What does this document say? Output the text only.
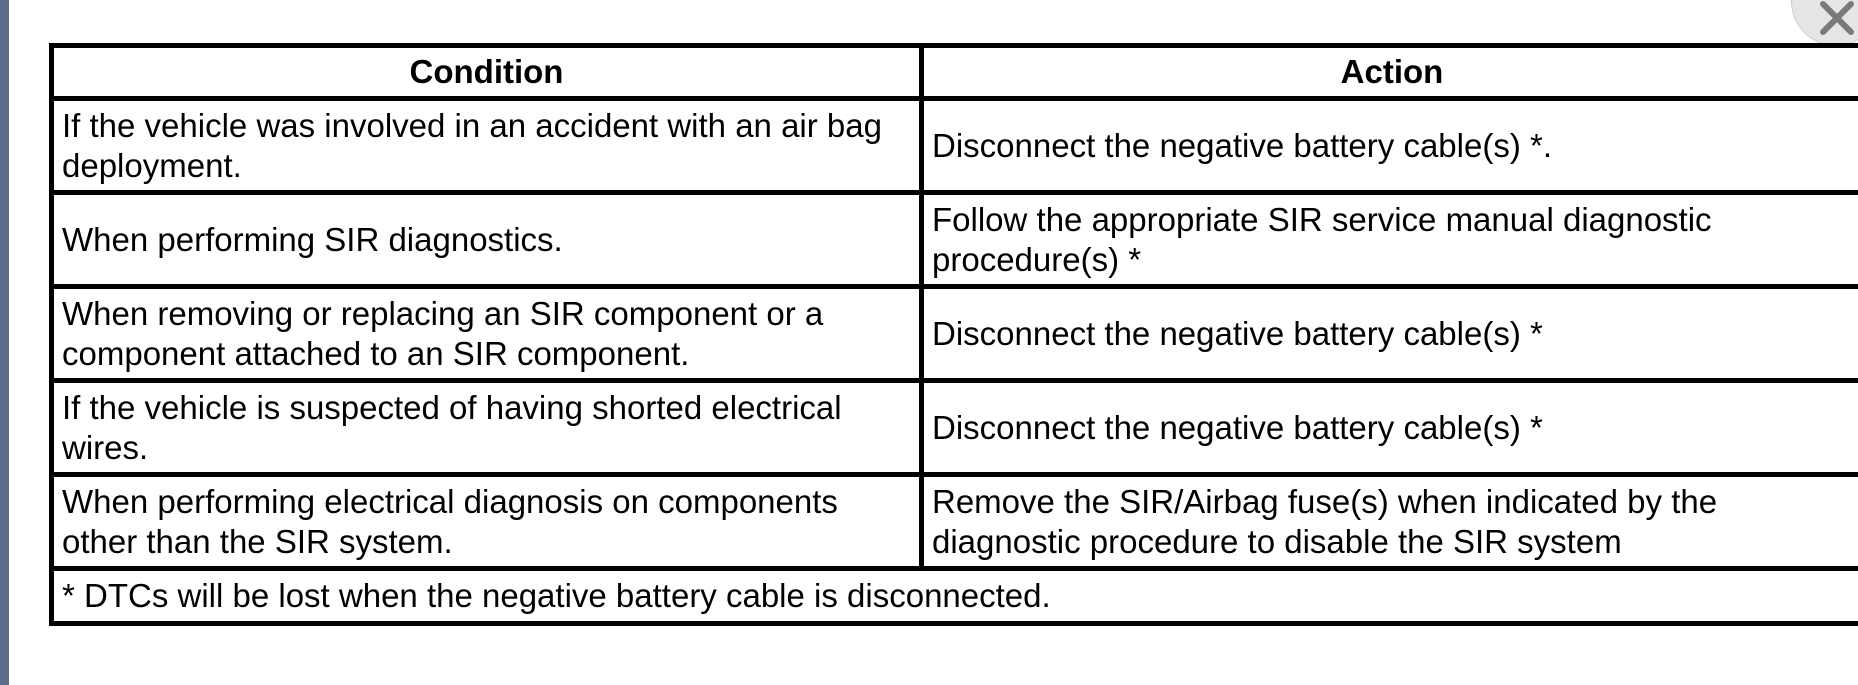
Condition	Action
If the vehicle was involved in an accident with an air bag deployment.	Disconnect the negative battery cable(s) *.
When performing SIR diagnostics.	Follow the appropriate SIR service manual diagnostic procedure(s) *
When removing or replacing an SIR component or a component attached to an SIR component.	Disconnect the negative battery cable(s) *
If the vehicle is suspected of having shorted electrical wires.	Disconnect the negative battery cable(s) *
When performing electrical diagnosis on components other than the SIR system.	Remove the SIR/Airbag fuse(s) when indicated by the diagnostic procedure to disable the SIR system
* DTCs will be lost when the negative battery cable is disconnected.	
